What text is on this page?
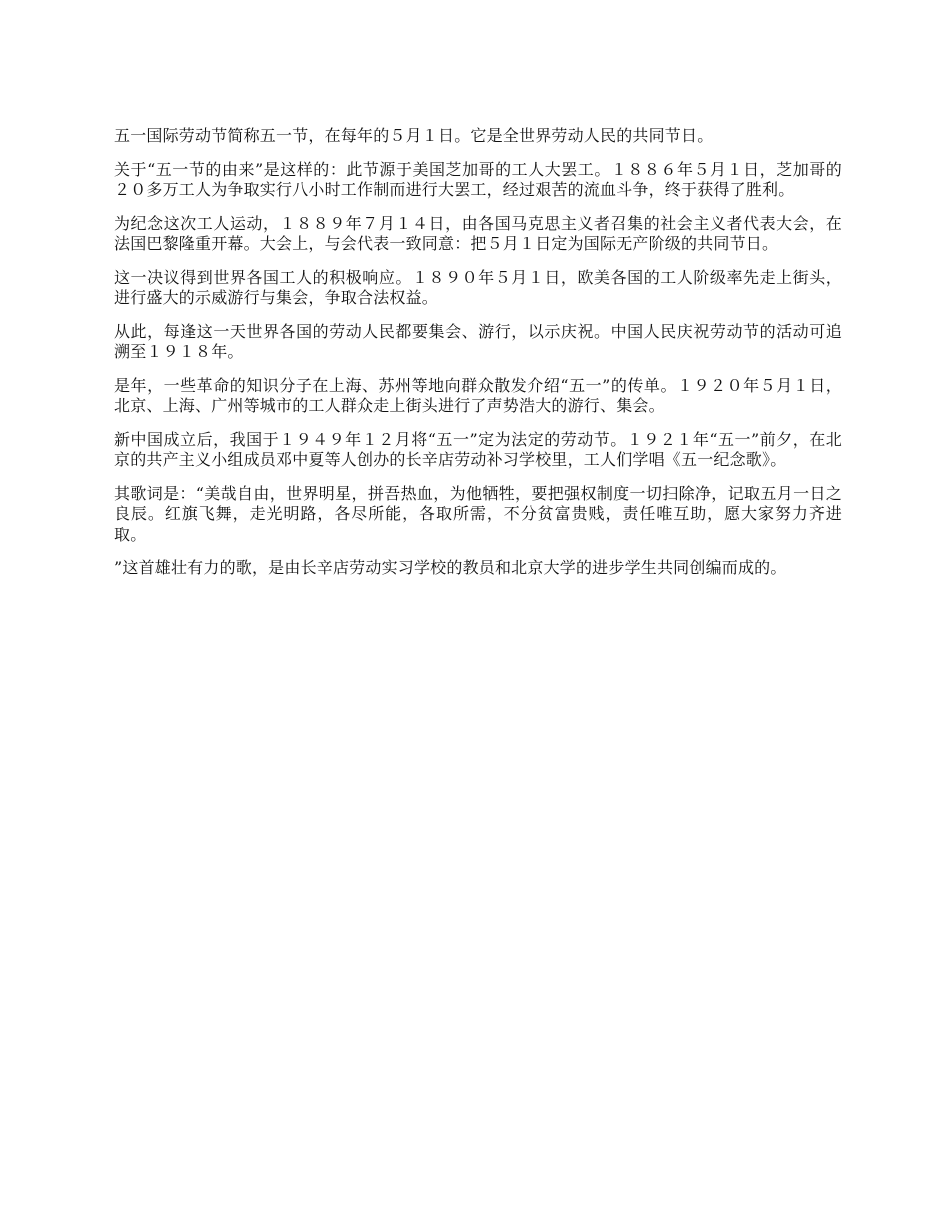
五一国际劳动节简称五一节，在每年的５月１日。它是全世界劳动人民的共同节日。

关于“五一节的由来”是这样的：此节源于美国芝加哥的工人大罢工。１８８６年５月１日，芝加哥的２０多万工人为争取实行八小时工作制而进行大罢工，经过艰苦的流血斗争，终于获得了胜利。

为纪念这次工人运动，１８８９年７月１４日，由各国马克思主义者召集的社会主义者代表大会，在法国巴黎隆重开幕。大会上，与会代表一致同意：把５月１日定为国际无产阶级的共同节日。

这一决议得到世界各国工人的积极响应。１８９０年５月１日，欧美各国的工人阶级率先走上街头，进行盛大的示威游行与集会，争取合法权益。

从此，每逢这一天世界各国的劳动人民都要集会、游行，以示庆祝。中国人民庆祝劳动节的活动可追溯至１９１８年。

是年，一些革命的知识分子在上海、苏州等地向群众散发介绍“五一”的传单。１９２０年５月１日，北京、上海、广州等城市的工人群众走上街头进行了声势浩大的游行、集会。

新中国成立后，我国于１９４９年１２月将“五一”定为法定的劳动节。１９２１年“五一”前夕，在北京的共产主义小组成员邓中夏等人创办的长辛店劳动补习学校里，工人们学唱《五一纪念歌》。

其歌词是：“美哉自由，世界明星，拼吾热血，为他牺牲，要把强权制度一切扫除净，记取五月一日之良辰。红旗飞舞，走光明路，各尽所能，各取所需，不分贫富贵贱，责任唯互助，愿大家努力齐进取。

”这首雄壮有力的歌，是由长辛店劳动实习学校的教员和北京大学的进步学生共同创编而成的。
